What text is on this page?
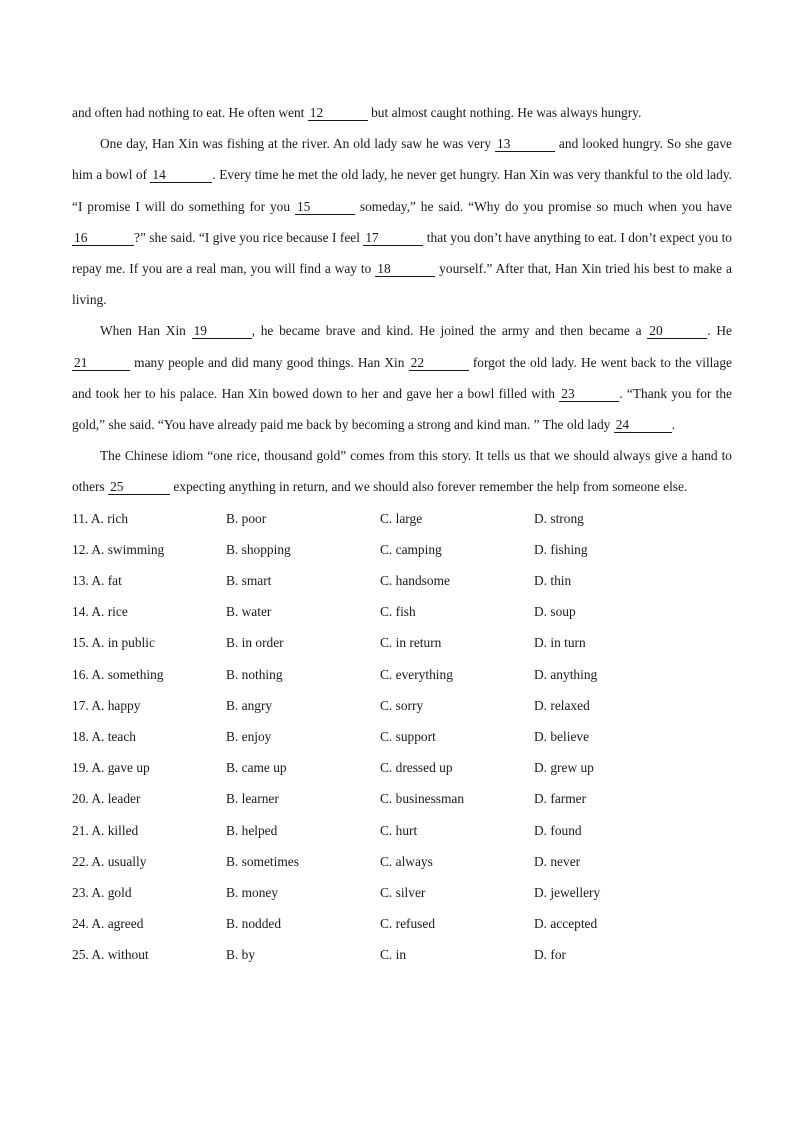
and often had nothing to eat. He often went 12	but almost caught nothing. He was always hungry.

One day, Han Xin was fishing at the river. An old lady saw he was very 13	and looked hungry. So she gave him a bowl of 14	. Every time he met the old lady, he never get hungry. Han Xin was very thankful to the old lady. “I promise I will do something for you 15	someday,” he said. “Why do you promise so much when you have 16	?” she said. “I give you rice because I feel 17	that you don’t have anything to eat. I don’t expect you to repay me. If you are a real man, you will find a way to 18	yourself.” After that, Han Xin tried his best to make a living.

When Han Xin 19	, he became brave and kind. He joined the army and then became a 20	. He 21	many people and did many good things. Han Xin 22	forgot the old lady. He went back to the village and took her to his palace. Han Xin bowed down to her and gave her a bowl filled with 23	. “Thank you for the gold,” she said. “You have already paid me back by becoming a strong and kind man. ” The old lady 24	.

The Chinese idiom “one rice, thousand gold” comes from this story. It tells us that we should always give a hand to others 25	expecting anything in return, and we should also forever remember the help from someone else.

11. A. rich	B. poor	C. large	D. strong
12. A. swimming	B. shopping	C. camping	D. fishing
13. A. fat	B. smart	C. handsome	D. thin
14. A. rice	B. water	C. fish	D. soup
15. A. in public	B. in order	C. in return	D. in turn
16. A. something	B. nothing	C. everything	D. anything
17. A. happy	B. angry	C. sorry	D. relaxed
18. A. teach	B. enjoy	C. support	D. believe
19. A. gave up	B. came up	C. dressed up	D. grew up
20. A. leader	B. learner	C. businessman	D. farmer
21. A. killed	B. helped	C. hurt	D. found
22. A. usually	B. sometimes	C. always	D. never
23. A. gold	B. money	C. silver	D. jewellery
24. A. agreed	B. nodded	C. refused	D. accepted
25. A. without	B. by	C. in	D. for
